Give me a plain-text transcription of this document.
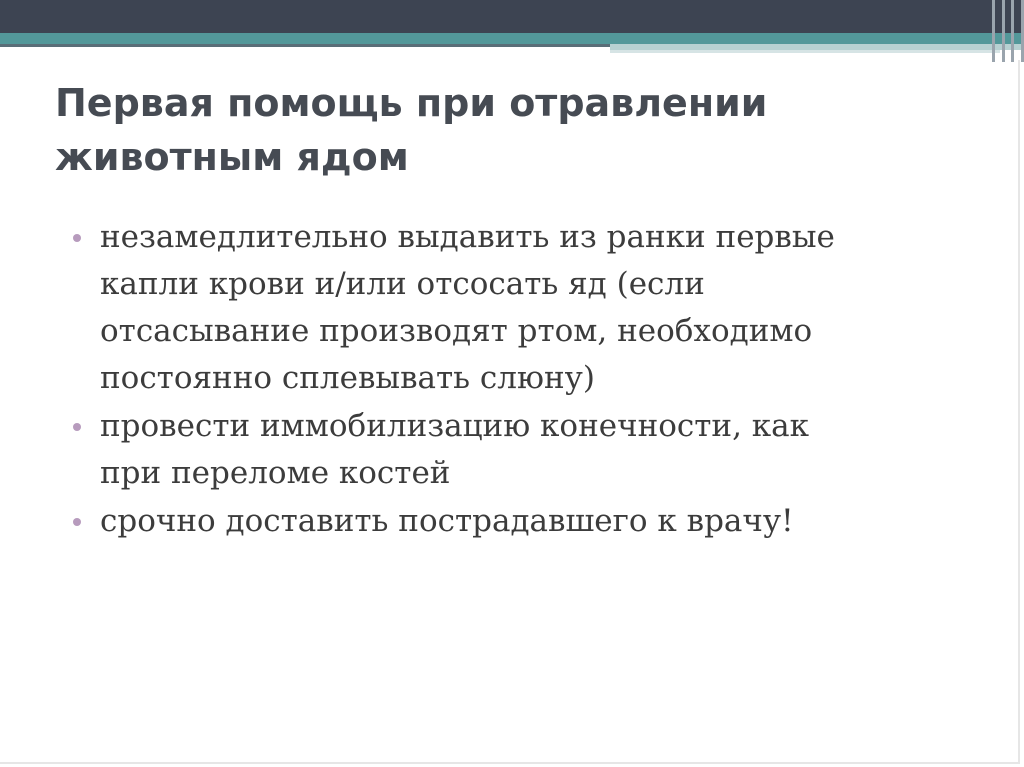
Первая помощь при отравлении
животным ядом
незамедлительно выдавить из ранки первые
капли крови и/или отсосать яд (если
отсасывание производят ртом, необходимо
постоянно сплевывать слюну)
провести иммобилизацию конечности, как
при переломе костей
срочно доставить пострадавшего к врачу!
